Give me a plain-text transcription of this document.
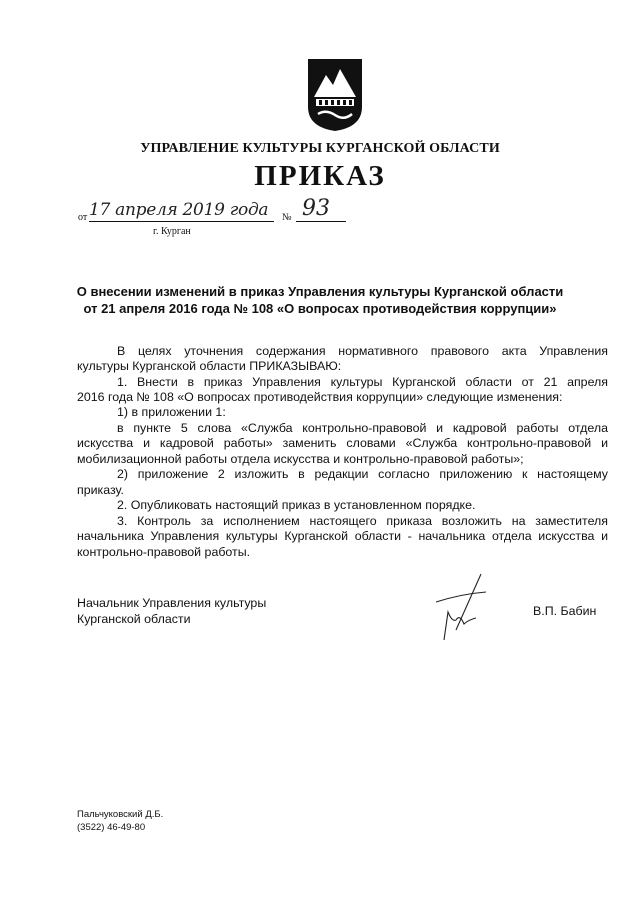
УПРАВЛЕНИЕ КУЛЬТУРЫ КУРГАНСКОЙ ОБЛАСТИ
ПРИКАЗ
от 17 апреля 2019 года № 93
г. Курган
О внесении изменений в приказ Управления культуры Курганской области
от 21 апреля 2016 года № 108 «О вопросах противодействия коррупции»
В целях уточнения содержания нормативного правового акта Управления
культуры Курганской области ПРИКАЗЫВАЮ:
1. Внести в приказ Управления культуры Курганской области от 21 апреля
2016 года № 108 «О вопросах противодействия коррупции» следующие изменения:
1) в приложении 1:
в пункте 5 слова «Служба контрольно-правовой и кадровой работы отдела
искусства и кадровой работы» заменить словами «Служба контрольно-правовой и
мобилизационной работы отдела искусства и контрольно-правовой работы»;
2) приложение 2 изложить в редакции согласно приложению к настоящему
приказу.
2. Опубликовать настоящий приказ в установленном порядке.
3. Контроль за исполнением настоящего приказа возложить на заместителя
начальника Управления культуры Курганской области - начальника отдела искусства и
контрольно-правовой работы.
Начальник Управления культуры
Курганской области
В.П. Бабин
Пальчуковский Д.Б.
(3522) 46-49-80
